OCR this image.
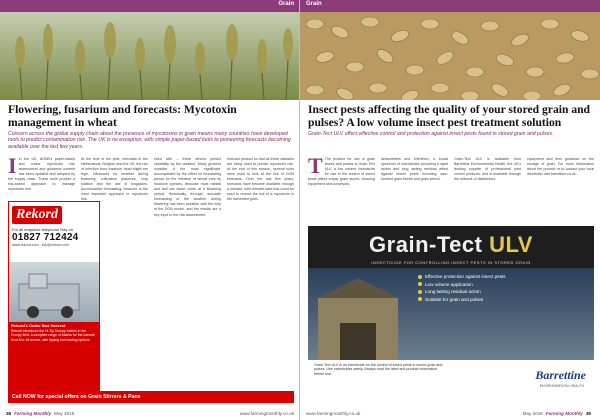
Grain
Flowering, fusarium and forecasts: Mycotoxin management in wheat

Concern across the global supply chain about the presence of mycotoxins in grain means many countries have developed tools to predict contamination risk. The UK is no exception, with simple paper-based tools to pioneering forecasts becoming available over the last few years.

I In the UK, AHDB's paper-based and online mycotoxin risk assessment and guidance content has been updated and adopted by the supply chain. These tools provide a risk-based approach to manage mycotoxin risk.

At the time of the year, forecasts in the Netherlands, Belgium and the UK, the risk of infection from fusarium head blight are high, influenced by weather during flowering, cultivation practices, crop rotation and the use of fungicides. Accumulative forecasting, however, is the most important approach to mycotoxin risk.

shed with – these drivers predict variability by the weather. Many growers consider it the most significant, accompanied by the effect on forecasting period for the infection of wheat ears by fusarium species, because most rainfall and leaf ear factor come at a flowering period. Historically, through, accurate forecasting of the weather during flowering has been possible with the help of the DON model, and the results are a key input to the risk assessment.

forecast product so that all these datasets are being used to predict mycotoxin risk. At the end of this season, several tools were used to look at the risk of DON forecasts. Over the last few years, forecasts have become available through a website, with relevant data that could be used to reduce the risk of a mycotoxin in the harvested grain.

Rekord
For all enquiries telephone Ray on
01827 712424
www.rekord.com · info@rekord.com
Rekord's Cutter Box Harvest
Rekord introduces the Hi-Tip Dumpy trailers in the Dumpy field. A complete range of trailers for the harvest, from 6 to 16 tonnes, with tipping and loading options.
Call NOW for special offers on Grain Stirrers & Pans
38 Farming Monthly May 2016	www.farmingmonthly.co.uk
Grain
Insect pests affecting the quality of your stored grain and pulses? A low volume insect pest treatment solution

Grain-Tect ULV offers effective control and protection against insect pests found in stored grain and pulses.

T The product for use in grain stores and pulses is Grain-Tect ULV, a low volume insecticide for use in the control of insect pests within empty grain stores, cleaning equipment and conveyors.

deltamethrin and bifenthrin, a broad spectrum of insecticides providing a rapid action and long lasting residual effect against insect pests including saw-toothed grain beetle and grain weevil.

Grain-Tect ULV is available from Barrettine Environmental Health, the UK's leading supplier of professional pest control products, and is available through the network of distributors.

equipment and their guidance on the storage of grain. For more information about the product or to contact your local distributor visit barrettine.co.uk.

Grain-Tect ULV
INSECTICIDE FOR CONTROLLING INSECT PESTS IN STORED GRAIN
Effective protection against insect pests
Low volume application
Long lasting residual action
Suitable for grain and pulses
Grain-Tect ULV is an insecticide for the control of insect pests in stored grain and pulses. Use insecticides safely. Always read the label and product information before use.	Barrettine
ENVIRONMENTAL HEALTH
www.farmingmonthly.co.uk	May 2016 Farming Monthly 39
